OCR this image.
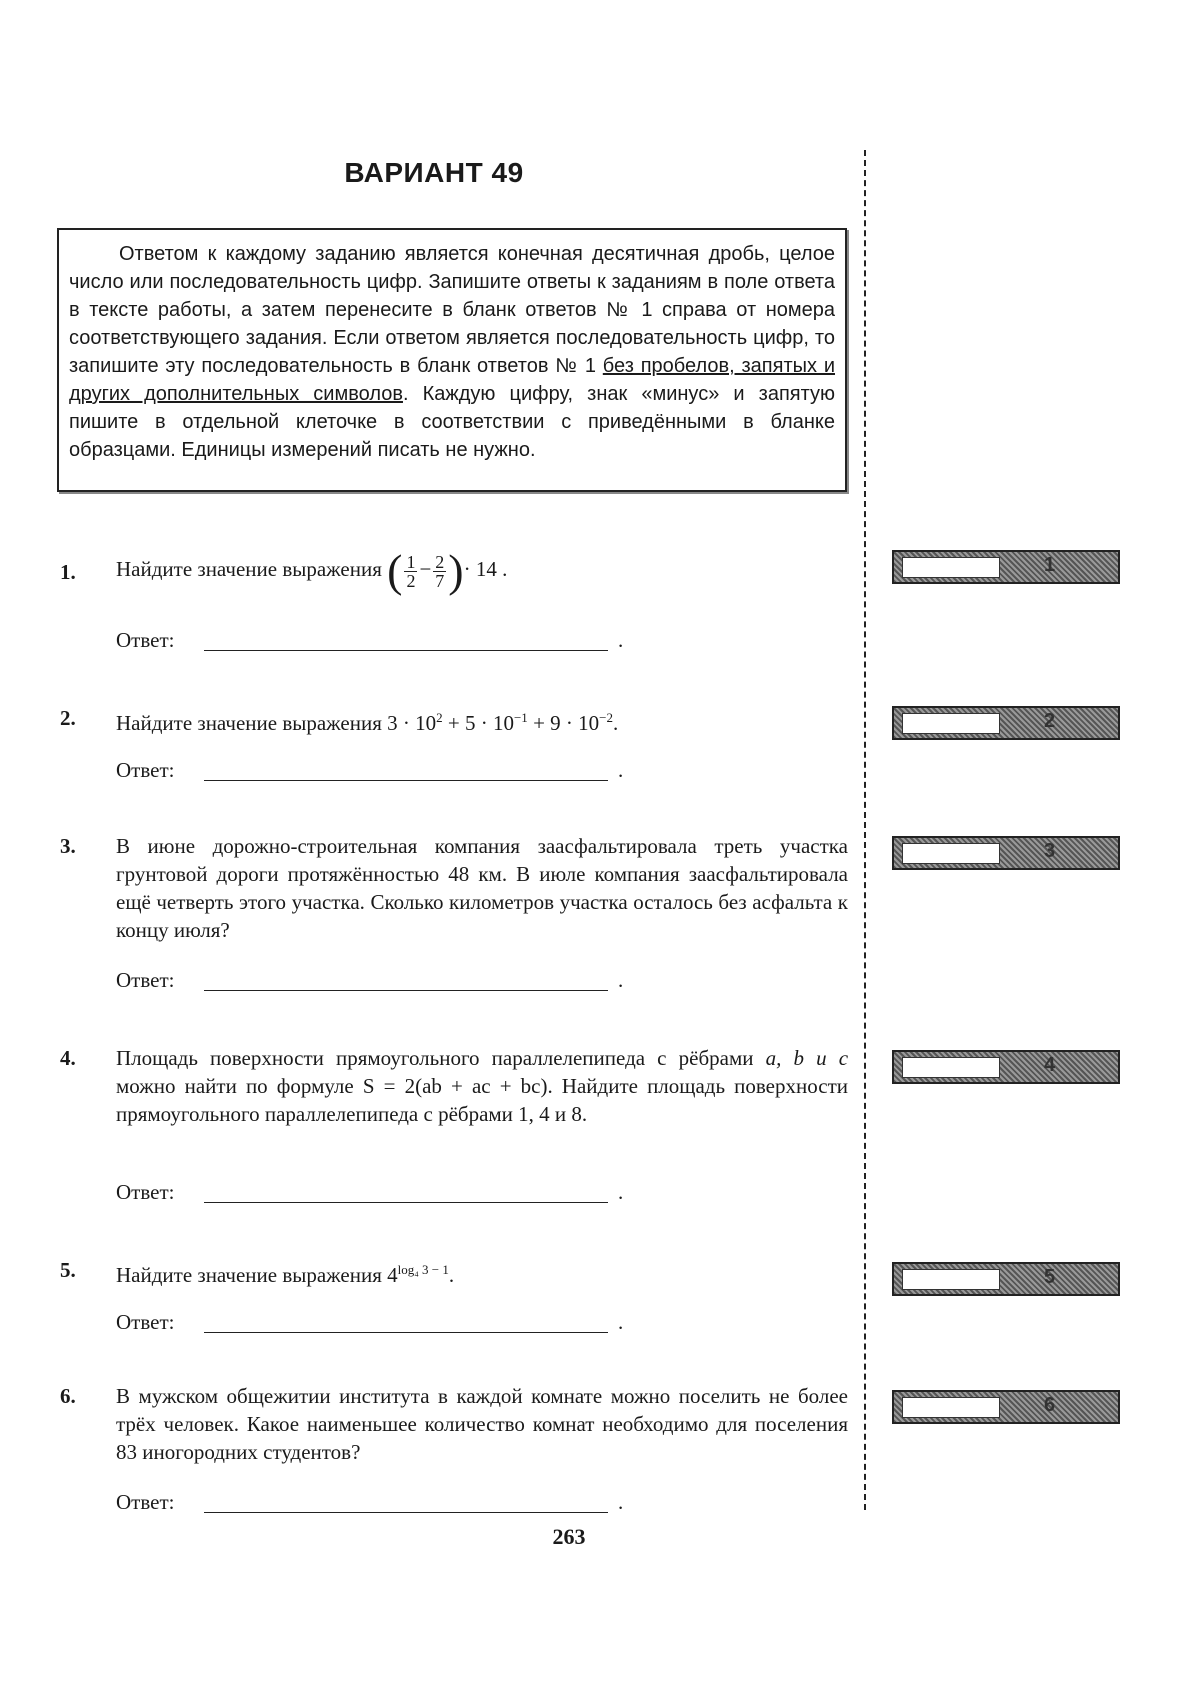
ВАРИАНТ 49
Ответом к каждому заданию является конечная десятичная дробь, целое число или последовательность цифр. Запишите ответы к заданиям в поле ответа в тексте работы, а затем перенесите в бланк ответов № 1 справа от номера соответствующего задания. Если ответом является последовательность цифр, то запишите эту последовательность в бланк ответов № 1 без пробелов, запятых и других дополнительных символов. Каждую цифру, знак «минус» и запятую пишите в отдельной клеточке в соответствии с приведёнными в бланке образцами. Единицы измерений писать не нужно.
1. Найдите значение выражения ( $\frac{1}{2} - \frac{2}{7}$ )· 14 .
Ответ:	.
1
2. Найдите значение выражения $3 \cdot 10^2 + 5 \cdot 10^{-1} + 9 \cdot 10^{-2}$.
Ответ:	.
2
3. В июне дорожно-строительная компания заасфальтировала треть участка грунтовой дороги протяжённостью 48 км. В июле компания заасфальтировала ещё четверть этого участка. Сколько километров участка осталось без асфальта к концу июля?
Ответ:	.
3
4. Площадь поверхности прямоугольного параллелепипеда с рёбрами a, b и c можно найти по формуле S = 2(ab + ac + bc). Найдите площадь поверхности прямоугольного параллелепипеда с рёбрами 1, 4 и 8.
Ответ:	.
4
5. Найдите значение выражения $4^{log_4 3 - 1}$.
Ответ:	.
5
6. В мужском общежитии института в каждой комнате можно поселить не более трёх человек. Какое наименьшее количество комнат необходимо для поселения 83 иногородних студентов?
Ответ:	.
6
263
